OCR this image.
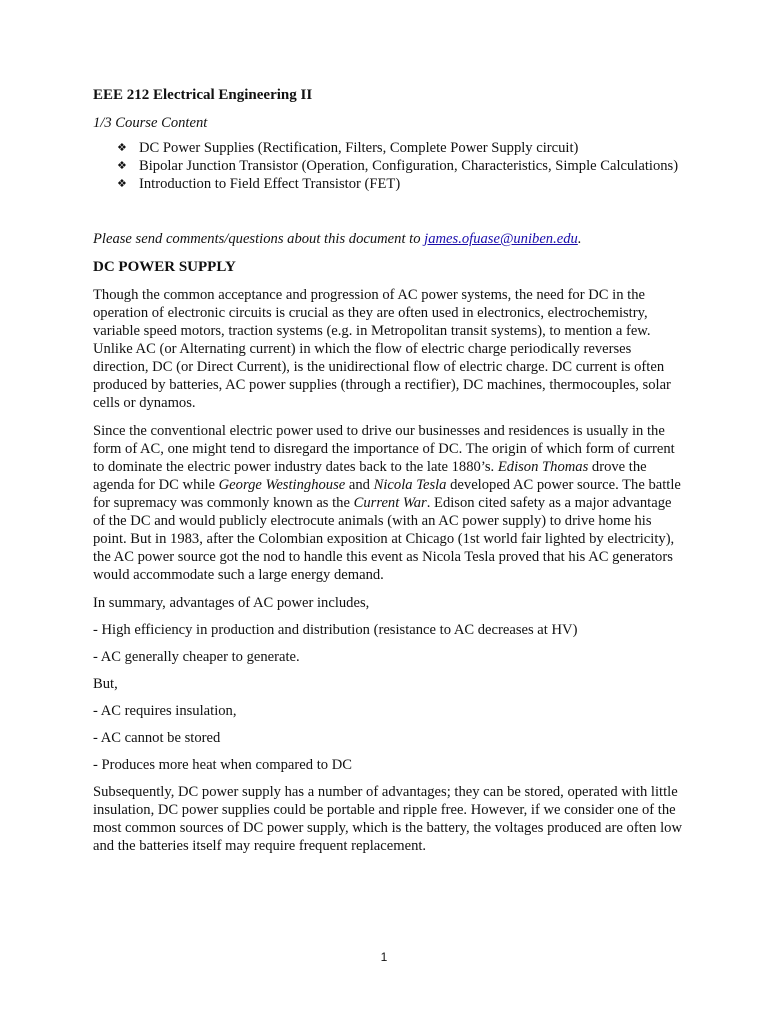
EEE 212 Electrical Engineering II
1/3 Course Content
❖ DC Power Supplies (Rectification, Filters, Complete Power Supply circuit)
❖ Bipolar Junction Transistor (Operation, Configuration, Characteristics, Simple Calculations)
❖ Introduction to Field Effect Transistor (FET)

Please send comments/questions about this document to james.ofuase@uniben.edu.

DC POWER SUPPLY

Though the common acceptance and progression of AC power systems, the need for DC in the operation of electronic circuits is crucial as they are often used in electronics, electrochemistry, variable speed motors, traction systems (e.g. in Metropolitan transit systems), to mention a few. Unlike AC (or Alternating current) in which the flow of electric charge periodically reverses direction, DC (or Direct Current), is the unidirectional flow of electric charge. DC current is often produced by batteries, AC power supplies (through a rectifier), DC machines, thermocouples, solar cells or dynamos.

Since the conventional electric power used to drive our businesses and residences is usually in the form of AC, one might tend to disregard the importance of DC. The origin of which form of current to dominate the electric power industry dates back to the late 1880’s. Edison Thomas drove the agenda for DC while George Westinghouse and Nicola Tesla developed AC power source. The battle for supremacy was commonly known as the Current War. Edison cited safety as a major advantage of the DC and would publicly electrocute animals (with an AC power supply) to drive home his point. But in 1983, after the Colombian exposition at Chicago (1st world fair lighted by electricity), the AC power source got the nod to handle this event as Nicola Tesla proved that his AC generators would accommodate such a large energy demand.

In summary, advantages of AC power includes,

- High efficiency in production and distribution (resistance to AC decreases at HV)

- AC generally cheaper to generate.

But,

- AC requires insulation,

- AC cannot be stored

- Produces more heat when compared to DC

Subsequently, DC power supply has a number of advantages; they can be stored, operated with little insulation, DC power supplies could be portable and ripple free. However, if we consider one of the most common sources of DC power supply, which is the battery, the voltages produced are often low and the batteries itself may require frequent replacement.

1
